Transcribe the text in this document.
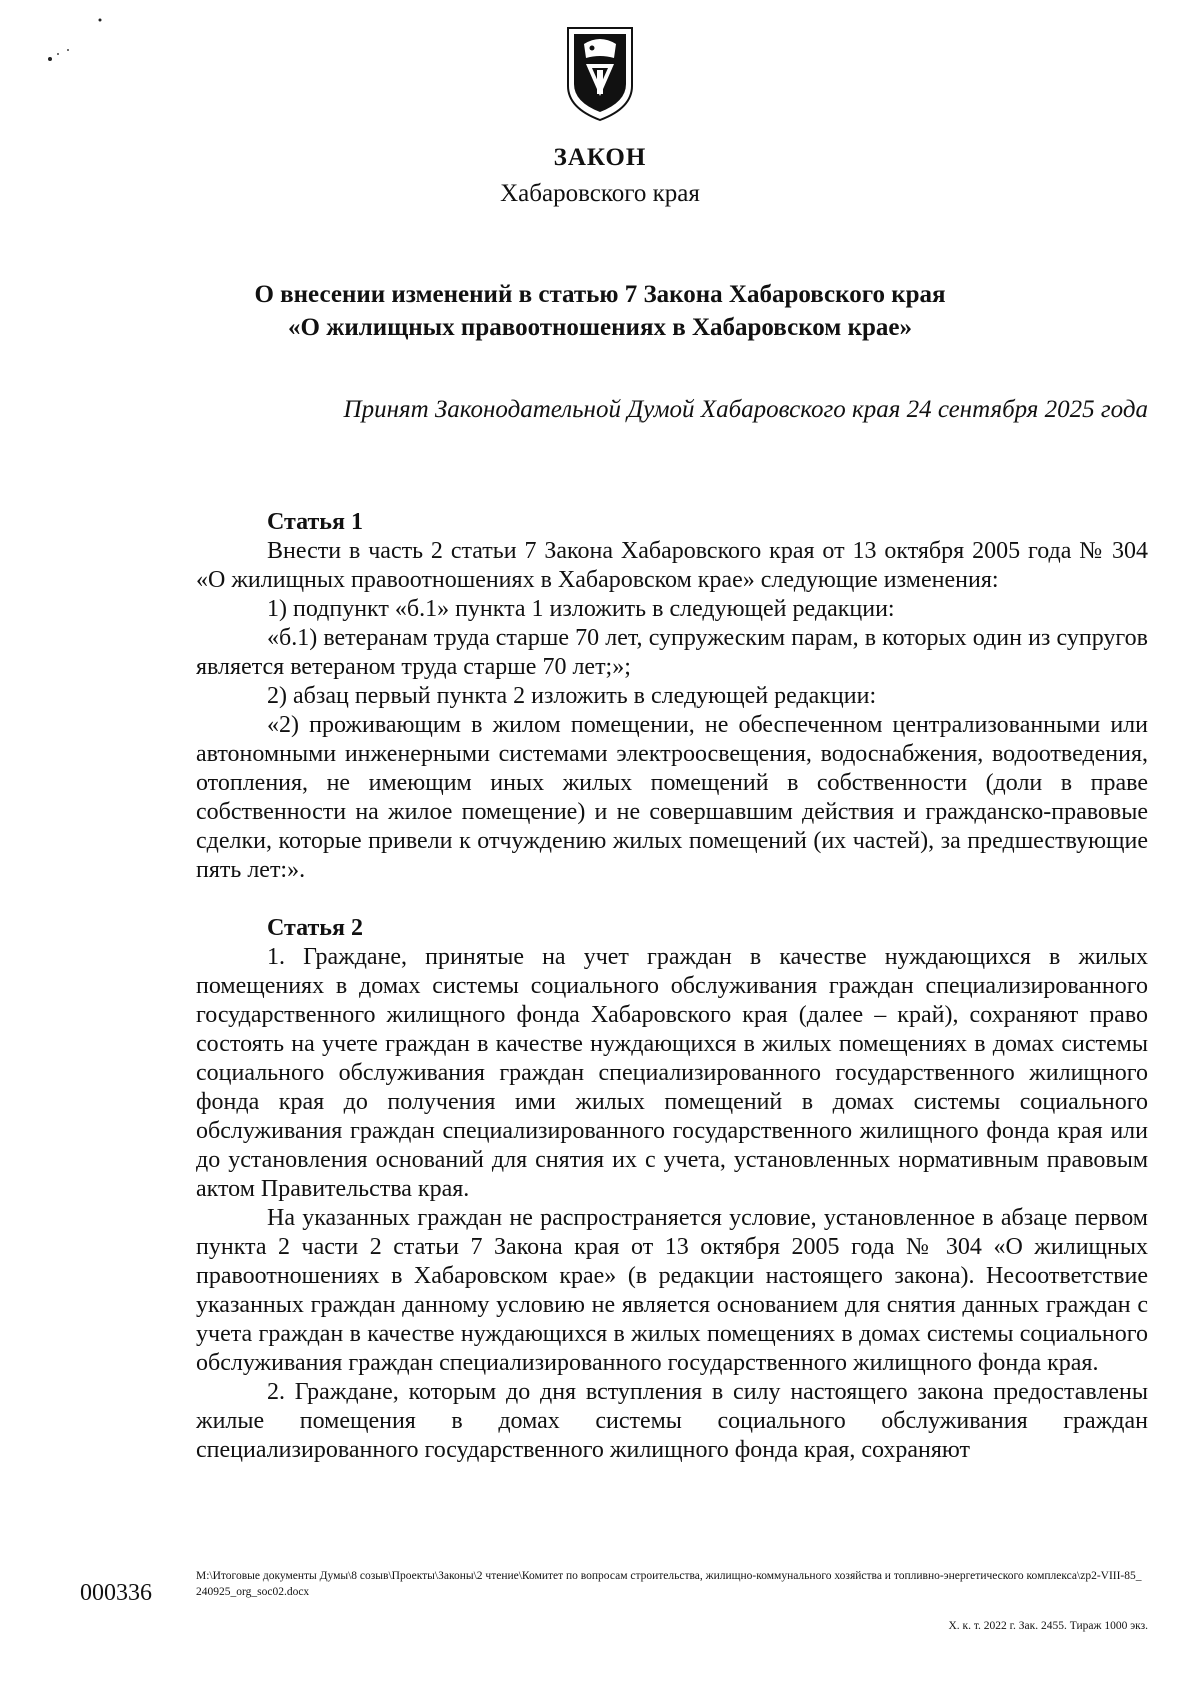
ЗАКОН
Хабаровского края
О внесении изменений в статью 7 Закона Хабаровского края
«О жилищных правоотношениях в Хабаровском крае»
Принят Законодательной Думой Хабаровского края 24 сентября 2025 года
Статья 1

Внести в часть 2 статьи 7 Закона Хабаровского края от 13 октября 2005 года № 304 «О жилищных правоотношениях в Хабаровском крае» следующие изменения:

1) подпункт «б.1» пункта 1 изложить в следующей редакции:

«б.1) ветеранам труда старше 70 лет, супружеским парам, в которых один из супругов является ветераном труда старше 70 лет;»;

2) абзац первый пункта 2 изложить в следующей редакции:

«2) проживающим в жилом помещении, не обеспеченном централизованными или автономными инженерными системами электроосвещения, водоснабжения, водоотведения, отопления, не имеющим иных жилых помещений в собственности (доли в праве собственности на жилое помещение) и не совершавшим действия и гражданско-правовые сделки, которые привели к отчуждению жилых помещений (их частей), за предшествующие пять лет:».

Статья 2

1. Граждане, принятые на учет граждан в качестве нуждающихся в жилых помещениях в домах системы социального обслуживания граждан специализированного государственного жилищного фонда Хабаровского края (далее – край), сохраняют право состоять на учете граждан в качестве нуждающихся в жилых помещениях в домах системы социального обслуживания граждан специализированного государственного жилищного фонда края до получения ими жилых помещений в домах системы социального обслуживания граждан специализированного государственного жилищного фонда края или до установления оснований для снятия их с учета, установленных нормативным правовым актом Правительства края.

На указанных граждан не распространяется условие, установленное в абзаце первом пункта 2 части 2 статьи 7 Закона края от 13 октября 2005 года № 304 «О жилищных правоотношениях в Хабаровском крае» (в редакции настоящего закона). Несоответствие указанных граждан данному условию не является основанием для снятия данных граждан с учета граждан в качестве нуждающихся в жилых помещениях в домах системы социального обслуживания граждан специализированного государственного жилищного фонда края.

2. Граждане, которым до дня вступления в силу настоящего закона предоставлены жилые помещения в домах системы социального обслуживания граждан специализированного государственного жилищного фонда края, сохраняют

000336
M:\Итоговые документы Думы\8 созыв\Проекты\Законы\2 чтение\Комитет по вопросам строительства, жилищно-коммунального хозяйства и топливно-энергетического комплекса\zp2-VIII-85_ 240925_org_soc02.docx
Х. к. т. 2022 г. Зак. 2455. Тираж 1000 экз.
